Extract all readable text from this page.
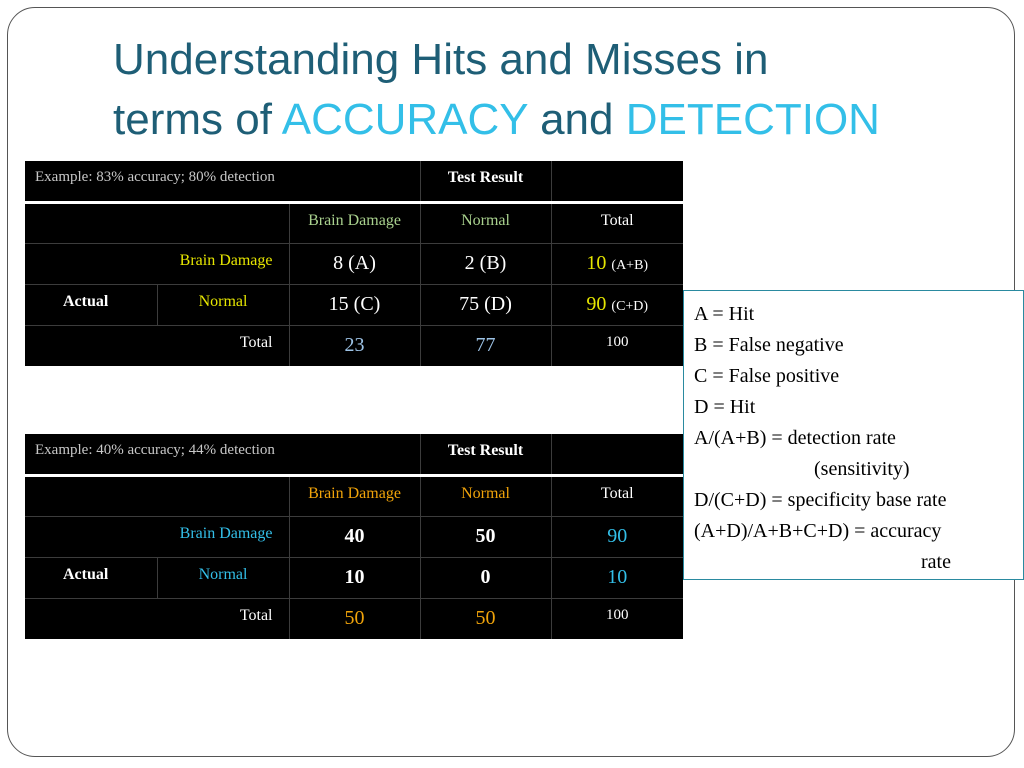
Understanding Hits and Misses in
terms of ACCURACY and DETECTION
Example: 83% accuracy; 80% detection			Test Result	
		Brain Damage	Normal	Total
Brain Damage		8 (A)	2 (B)	10 (A+B)
Actual	Normal	15 (C)	75 (D)	90 (C+D)
Total		23	77	100
Example: 40% accuracy; 44% detection			Test Result	
		Brain Damage	Normal	Total
Brain Damage		40	50	90
Actual	Normal	10	0	10
Total		50	50	100
A = Hit
B = False negative
C = False positive
D = Hit
A/(A+B) = detection rate
(sensitivity)
D/(C+D) = specificity base rate
(A+D)/A+B+C+D) = accuracy
rate
